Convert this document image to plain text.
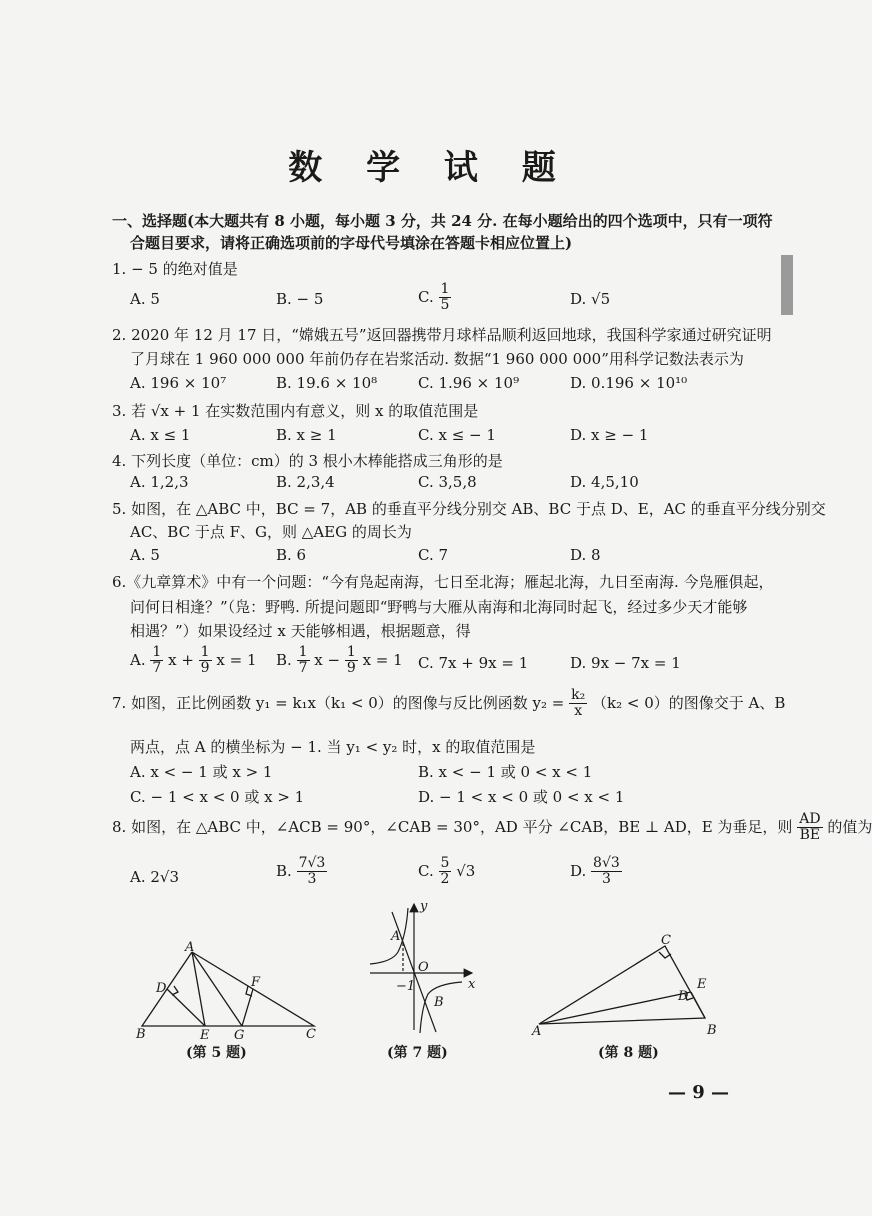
数 学 试 题
一、选择题(本大题共有 8 小题，每小题 3 分，共 24 分. 在每小题给出的四个选项中，只有一项符
合题目要求，请将正确选项前的字母代号填涂在答题卡相应位置上)
1. − 5 的绝对值是
A. 5	B. − 5	C. $\frac{1}{5}$	D. √5
2. 2020 年 12 月 17 日，“嫦娥五号”返回器携带月球样品顺利返回地球，我国科学家通过研究证明
了月球在 1 960 000 000 年前仍存在岩浆活动. 数据“1 960 000 000”用科学记数法表示为
A. 196 × 10⁷	B. 19.6 × 10⁸	C. 1.96 × 10⁹	D. 0.196 × 10¹⁰
3. 若 √x + 1 在实数范围内有意义，则 x 的取值范围是
A. x ≤ 1	B. x ≥ 1	C. x ≤ − 1	D. x ≥ − 1
4. 下列长度（单位：cm）的 3 根小木棒能搭成三角形的是
A. 1,2,3	B. 2,3,4	C. 3,5,8	D. 4,5,10
5. 如图，在 △ABC 中，BC = 7，AB 的垂直平分线分别交 AB、BC 于点 D、E，AC 的垂直平分线分别交
AC、BC 于点 F、G，则 △AEG 的周长为
A. 5	B. 6	C. 7	D. 8
6.《九章算术》中有一个问题：“今有凫起南海，七日至北海；雁起北海，九日至南海. 今凫雁俱起，
问何日相逢？”（凫：野鸭. 所提问题即“野鸭与大雁从南海和北海同时起飞，经过多少天才能够
相遇？”）如果设经过 x 天能够相遇，根据题意，得
A. $\frac{1}{7}$ $x + \frac{1}{9}$ x = 1 B. $\frac{1}{7}$ $x - \frac{1}{9}$ x = 1 C. 7x + 9x = 1	D. 9x − 7x = 1
7. 如图，正比例函数 y₁ = k₁x（k₁ < 0）的图像与反比例函数 $y_2 = \frac{\text{k₂}}{x} (k_2 < 0)$的图像交于 A、B
两点，点 A 的横坐标为 − 1. 当 y₁ < y₂ 时，x 的取值范围是
A. x < − 1 或 x > 1	B. x < − 1 或 0 < x < 1
C. − 1 < x < 0 或 x > 1	D. − 1 < x < 0 或 0 < x < 1
8. 如图，在 △ABC 中，∠ACB = 90°，∠CAB = 30°，AD 平分 ∠CAB，BE ⊥ AD，E 为垂足，则 $\frac{AD}{BE}$ 的值为
A. 2√3	B. $\frac{7√3}{3}$	C. $\frac{5}{2} √3$	D. $\frac{8√3}{3}$
A
B	C
D
E
F
G
(第 5 题)
y
x
A
B
O
−1
(第 7 题)
A	B
C
D
E
(第 8 题)
— 9 —
